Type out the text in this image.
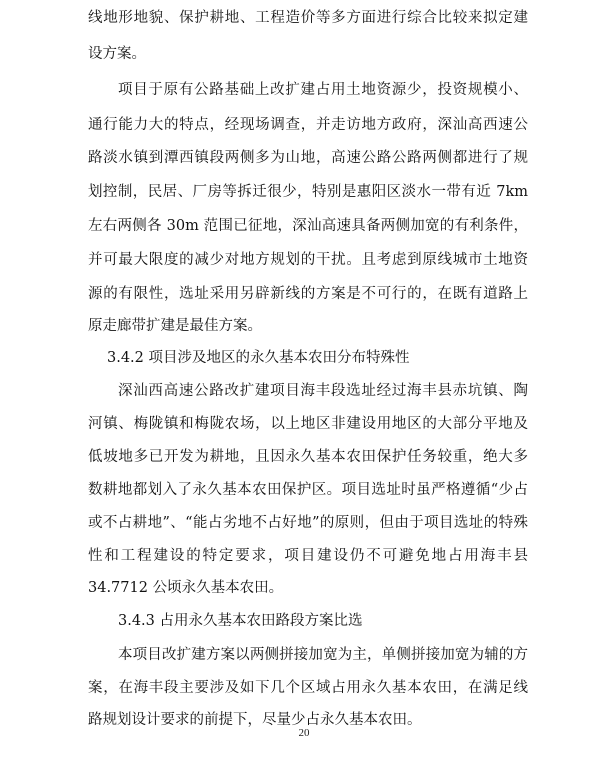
线地形地貌、保护耕地、工程造价等多方面进行综合比较来拟定建
设方案。
项目于原有公路基础上改扩建占用土地资源少，投资规模小、
通行能力大的特点，经现场调查，并走访地方政府，深汕高西速公
路淡水镇到潭西镇段两侧多为山地，高速公路公路两侧都进行了规
划控制，民居、厂房等拆迁很少，特别是惠阳区淡水一带有近 7km
左右两侧各 30m 范围已征地，深汕高速具备两侧加宽的有利条件，
并可最大限度的减少对地方规划的干扰。且考虑到原线城市土地资
源的有限性，选址采用另辟新线的方案是不可行的，在既有道路上
原走廊带扩建是最佳方案。
3.4.2 项目涉及地区的永久基本农田分布特殊性
深汕西高速公路改扩建项目海丰段选址经过海丰县赤坑镇、陶
河镇、梅陇镇和梅陇农场，以上地区非建设用地区的大部分平地及
低坡地多已开发为耕地，且因永久基本农田保护任务较重，绝大多
数耕地都划入了永久基本农田保护区。项目选址时虽严格遵循“少占
或不占耕地”、“能占劣地不占好地”的原则，但由于项目选址的特殊
性和工程建设的特定要求，项目建设仍不可避免地占用海丰县
34.7712 公顷永久基本农田。
3.4.3 占用永久基本农田路段方案比选
本项目改扩建方案以两侧拼接加宽为主，单侧拼接加宽为辅的方
案，在海丰段主要涉及如下几个区域占用永久基本农田，在满足线
路规划设计要求的前提下，尽量少占永久基本农田。
20
